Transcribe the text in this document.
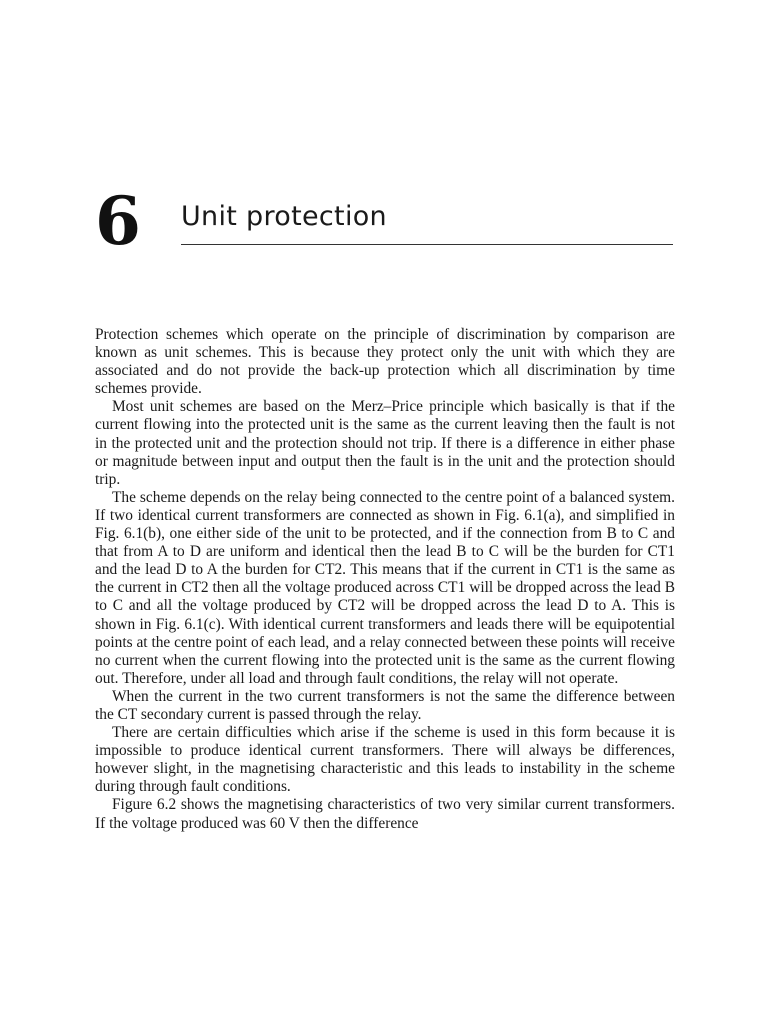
6 Unit protection

Protection schemes which operate on the principle of discrimination by comparison are known as unit schemes. This is because they protect only the unit with which they are associated and do not provide the back-up protection which all discrimination by time schemes provide.

Most unit schemes are based on the Merz–Price principle which basically is that if the current flowing into the protected unit is the same as the current leaving then the fault is not in the protected unit and the protection should not trip. If there is a difference in either phase or magnitude between input and output then the fault is in the unit and the protection should trip.

The scheme depends on the relay being connected to the centre point of a balanced system. If two identical current transformers are connected as shown in Fig. 6.1(a), and simplified in Fig. 6.1(b), one either side of the unit to be protected, and if the connection from B to C and that from A to D are uniform and identical then the lead B to C will be the burden for CT1 and the lead D to A the burden for CT2. This means that if the current in CT1 is the same as the current in CT2 then all the voltage produced across CT1 will be dropped across the lead B to C and all the voltage produced by CT2 will be dropped across the lead D to A. This is shown in Fig. 6.1(c). With identical current transformers and leads there will be equipotential points at the centre point of each lead, and a relay connected between these points will receive no current when the current flowing into the protected unit is the same as the current flowing out. Therefore, under all load and through fault conditions, the relay will not operate.

When the current in the two current transformers is not the same the difference between the CT secondary current is passed through the relay.

There are certain difficulties which arise if the scheme is used in this form because it is impossible to produce identical current transformers. There will always be differences, however slight, in the magnetising characteristic and this leads to instability in the scheme during through fault conditions.

Figure 6.2 shows the magnetising characteristics of two very similar current transformers. If the voltage produced was 60 V then the difference
